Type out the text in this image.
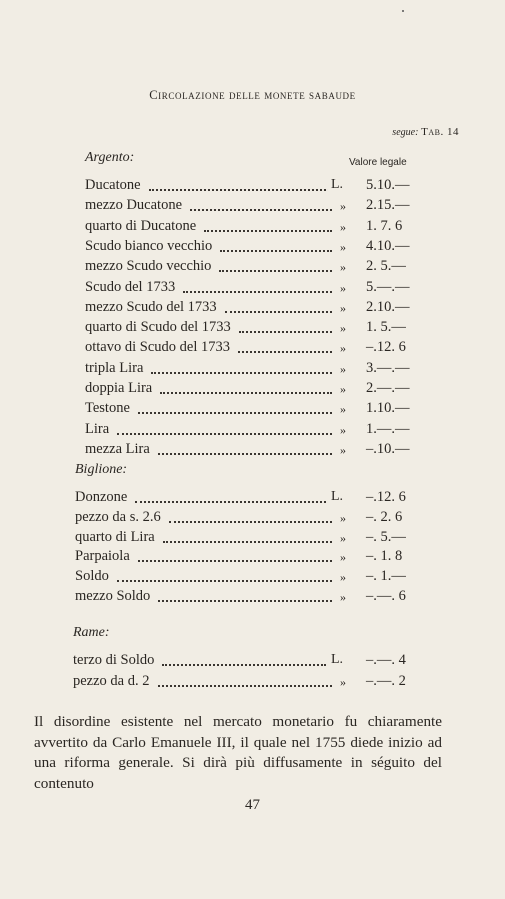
Circolazione delle monete sabaude
segue: Tab. 14
Valore legale
Argento:
Ducatone	L. 5.10.—
mezzo Ducatone	» 2.15.—
quarto di Ducatone	» 1. 7. 6
Scudo bianco vecchio	» 4.10.—
mezzo Scudo vecchio	» 2. 5.—
Scudo del 1733	» 5.—.—
mezzo Scudo del 1733	» 2.10.—
quarto di Scudo del 1733	» 1. 5.—
ottavo di Scudo del 1733	» –.12. 6
tripla Lira	» 3.—.—
doppia Lira	» 2.—.—
Testone	» 1.10.—
Lira	» 1.—.—
mezza Lira	» –.10.—
Biglione:
Donzone	L. –.12. 6
pezzo da s. 2.6	» –. 2. 6
quarto di Lira	» –. 5.—
Parpaiola	» –. 1. 8
Soldo	» –. 1.—
mezzo Soldo	» –.—. 6
Rame:
terzo di Soldo	L. –.—. 4
pezzo da d. 2	» –.—. 2
Il disordine esistente nel mercato monetario fu chiaramente avvertito da Carlo Emanuele III, il quale nel 1755 diede inizio ad una riforma generale. Si dirà più diffusamente in séguito del contenuto
47
